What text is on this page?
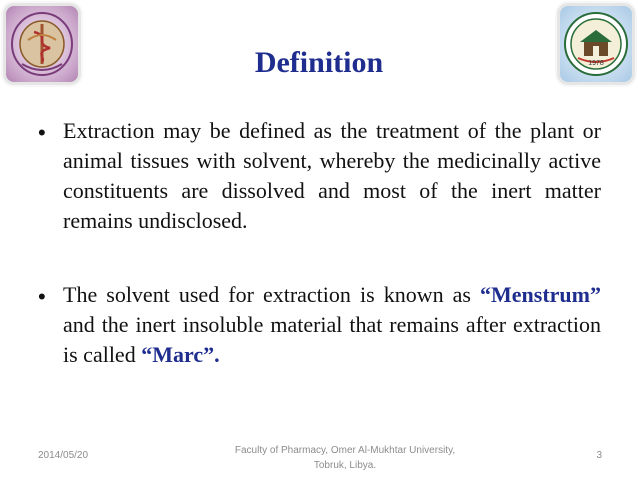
1978
Definition
• Extraction may be defined as the treatment of the plant or animal tissues with solvent, whereby the medicinally active constituents are dissolved and most of the inert matter remains undisclosed.
• The solvent used for extraction is known as “Menstrum” and the inert insoluble material that remains after extraction is called “Marc”.
2014/05/20	Faculty of Pharmacy, Omer Al-Mukhtar University, Tobruk, Libya.
3
